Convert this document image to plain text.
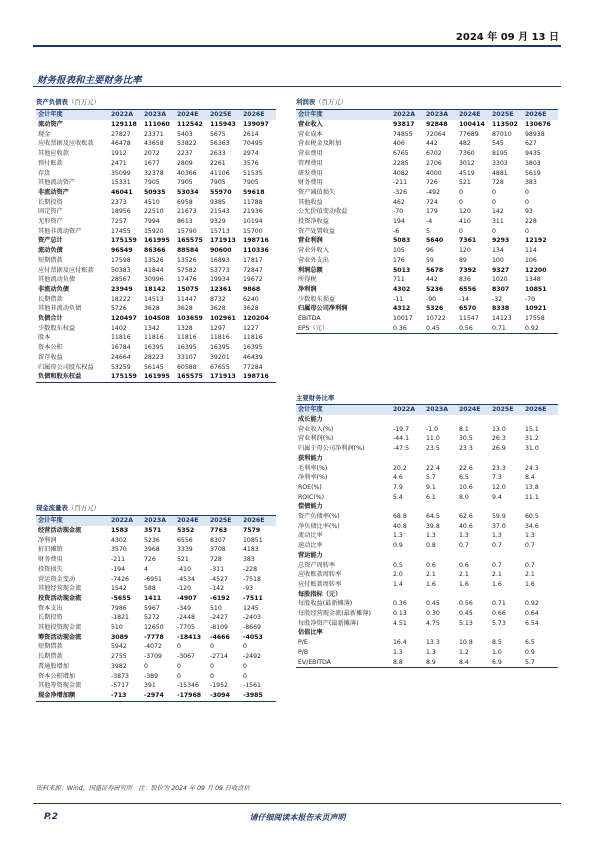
2024 年 09 月 13 日
财务报表和主要财务比率
资产负债表（百万元）
会计年度	2022A	2023A	2024E	2025E	2026E
流动资产	129118	111060	112542	115943	139097
现金	27827	23371	5403	5675	2614
应收票据及应收账款	46478	43658	53822	56363	70495
其他应收款	1912	2072	2237	2633	2974
预付账款	2471	1677	2809	2261	3576
存货	35099	32378	40366	41106	51535
其他流动资产	15331	7905	7905	7905	7905
非流动资产	46041	50935	53034	55970	59618
长期投资	2373	4510	6958	9385	11788
固定资产	18956	22510	21673	21543	21936
无形资产	7257	7994	8613	9329	10194
其他非流动资产	17455	15920	15790	15713	15700
资产总计	175159	161995	165575	171913	198716
流动负债	96549	86366	88584	90600	110336
短期借款	17598	13526	13526	16893	17817
应付票据及应付账款	50383	41844	57582	53773	72847
其他流动负债	28567	30996	17476	19934	19672
非流动负债	23949	18142	15075	12361	9868
长期借款	18222	14513	11447	8732	6240
其他非流动负债	5726	3628	3628	3628	3628
负债合计	120497	104508	103659	102961	120204
少数股东权益	1402	1342	1328	1297	1227
股本	11816	11816	11816	11816	11816
资本公积	16784	16395	16395	16395	16395
留存收益	24664	28223	33107	39201	46439
归属母公司股东权益	53259	56145	60588	67655	77284
负债和股东权益	175159	161995	165575	171913	198716
现金流量表（百万元）
会计年度	2022A	2023A	2024E	2025E	2026E
经营活动现金流	1583	3571	5352	7763	7579
净利润	4302	5236	6556	8307	10851
折旧摊销	3570	3968	3339	3708	4183
财务费用	-211	726	521	728	383
投资损失	-194	4	-410	-311	-228
营运资金变动	-7426	-6951	-4534	-4527	-7518
其他经营现金流	1542	588	-120	-142	-93
投资活动现金流	-5655	1411	-4907	-6192	-7511
资本支出	7986	5967	-349	510	1245
长期投资	-1821	5272	-2448	-2427	-2403
其他投资现金流	510	12650	-7705	-8109	-8669
筹资活动现金流	3089	-7778	-18413	-4666	-4053
短期借款	5942	-4072	0	0	0
长期借款	2755	-3709	-3067	-2714	-2492
普通股增加	3982	0	0	0	0
资本公积增加	-3873	-389	0	0	0
其他筹资现金流	-5717	391	-15346	-1952	-1561
现金净增加额	-713	-2974	-17968	-3094	-3985
利润表（百万元）
会计年度	2022A	2023A	2024E	2025E	2026E
营业收入	93817	92848	100414	113502	130676
营业成本	74855	72064	77689	87010	98938
营业税金及附加	406	442	482	545	627
营业费用	6765	6702	7360	8195	9435
管理费用	2285	2706	3012	3303	3803
研发费用	4082	4000	4519	4881	5619
财务费用	-211	726	521	728	383
资产减值损失	-326	-492	0	0	0
其他收益	462	724	0	0	0
公允价值变动收益	-70	179	120	142	93
投资净收益	194	-4	410	311	228
资产处置收益	-6	5	0	0	0
营业利润	5083	5640	7361	9293	12192
营业外收入	105	96	120	134	114
营业外支出	176	59	89	100	106
利润总额	5013	5678	7392	9327	12200
所得税	711	442	836	1020	1348
净利润	4302	5236	6556	8307	10851
少数股东损益	-11	-90	-14	-32	-70
归属母公司净利润	4312	5326	6570	8338	10921
EBITDA	10017	10722	11547	14123	17558
EPS（元）	0.36	0.45	0.56	0.71	0.92
主要财务比率
会计年度	2022A	2023A	2024E	2025E	2026E
成长能力					
营业收入(%)	-19.7	-1.0	8.1	13.0	15.1
营业利润(%)	-44.1	11.0	30.5	26.3	31.2
归属于母公司净利润(%)	-47.5	23.5	23.3	26.9	31.0
获利能力					
毛利率(%)	20.2	22.4	22.6	23.3	24.3
净利率(%)	4.6	5.7	6.5	7.3	8.4
ROE(%)	7.9	9.1	10.6	12.0	13.8
ROIC(%)	5.4	6.1	8.0	9.4	11.1
偿债能力					
资产负债率(%)	68.8	64.5	62.6	59.9	60.5
净负债比率(%)	40.8	39.8	40.6	37.0	34.6
流动比率	1.3	1.3	1.3	1.3	1.3
速动比率	0.9	0.8	0.7	0.7	0.7
营运能力					
总资产周转率	0.5	0.6	0.6	0.7	0.7
应收账款周转率	2.0	2.1	2.1	2.1	2.1
应付账款周转率	1.4	1.6	1.6	1.6	1.6
每股指标（元）					
每股收益(最新摊薄)	0.36	0.45	0.56	0.71	0.92
每股经营现金流(最新摊薄)	0.13	0.30	0.45	0.66	0.64
每股净资产(最新摊薄)	4.51	4.75	5.13	5.73	6.54
估值比率					
P/E	16.4	13.3	10.8	8.5	6.5
P/B	1.3	1.3	1.2	1.0	0.9
EV/EBITDA	8.8	8.9	8.4	6.9	5.7
资料来源：Wind，国盛证券研究所　注：股价为 2024 年 09 月 09 日收盘价
P.2	请仔细阅读本报告末页声明
